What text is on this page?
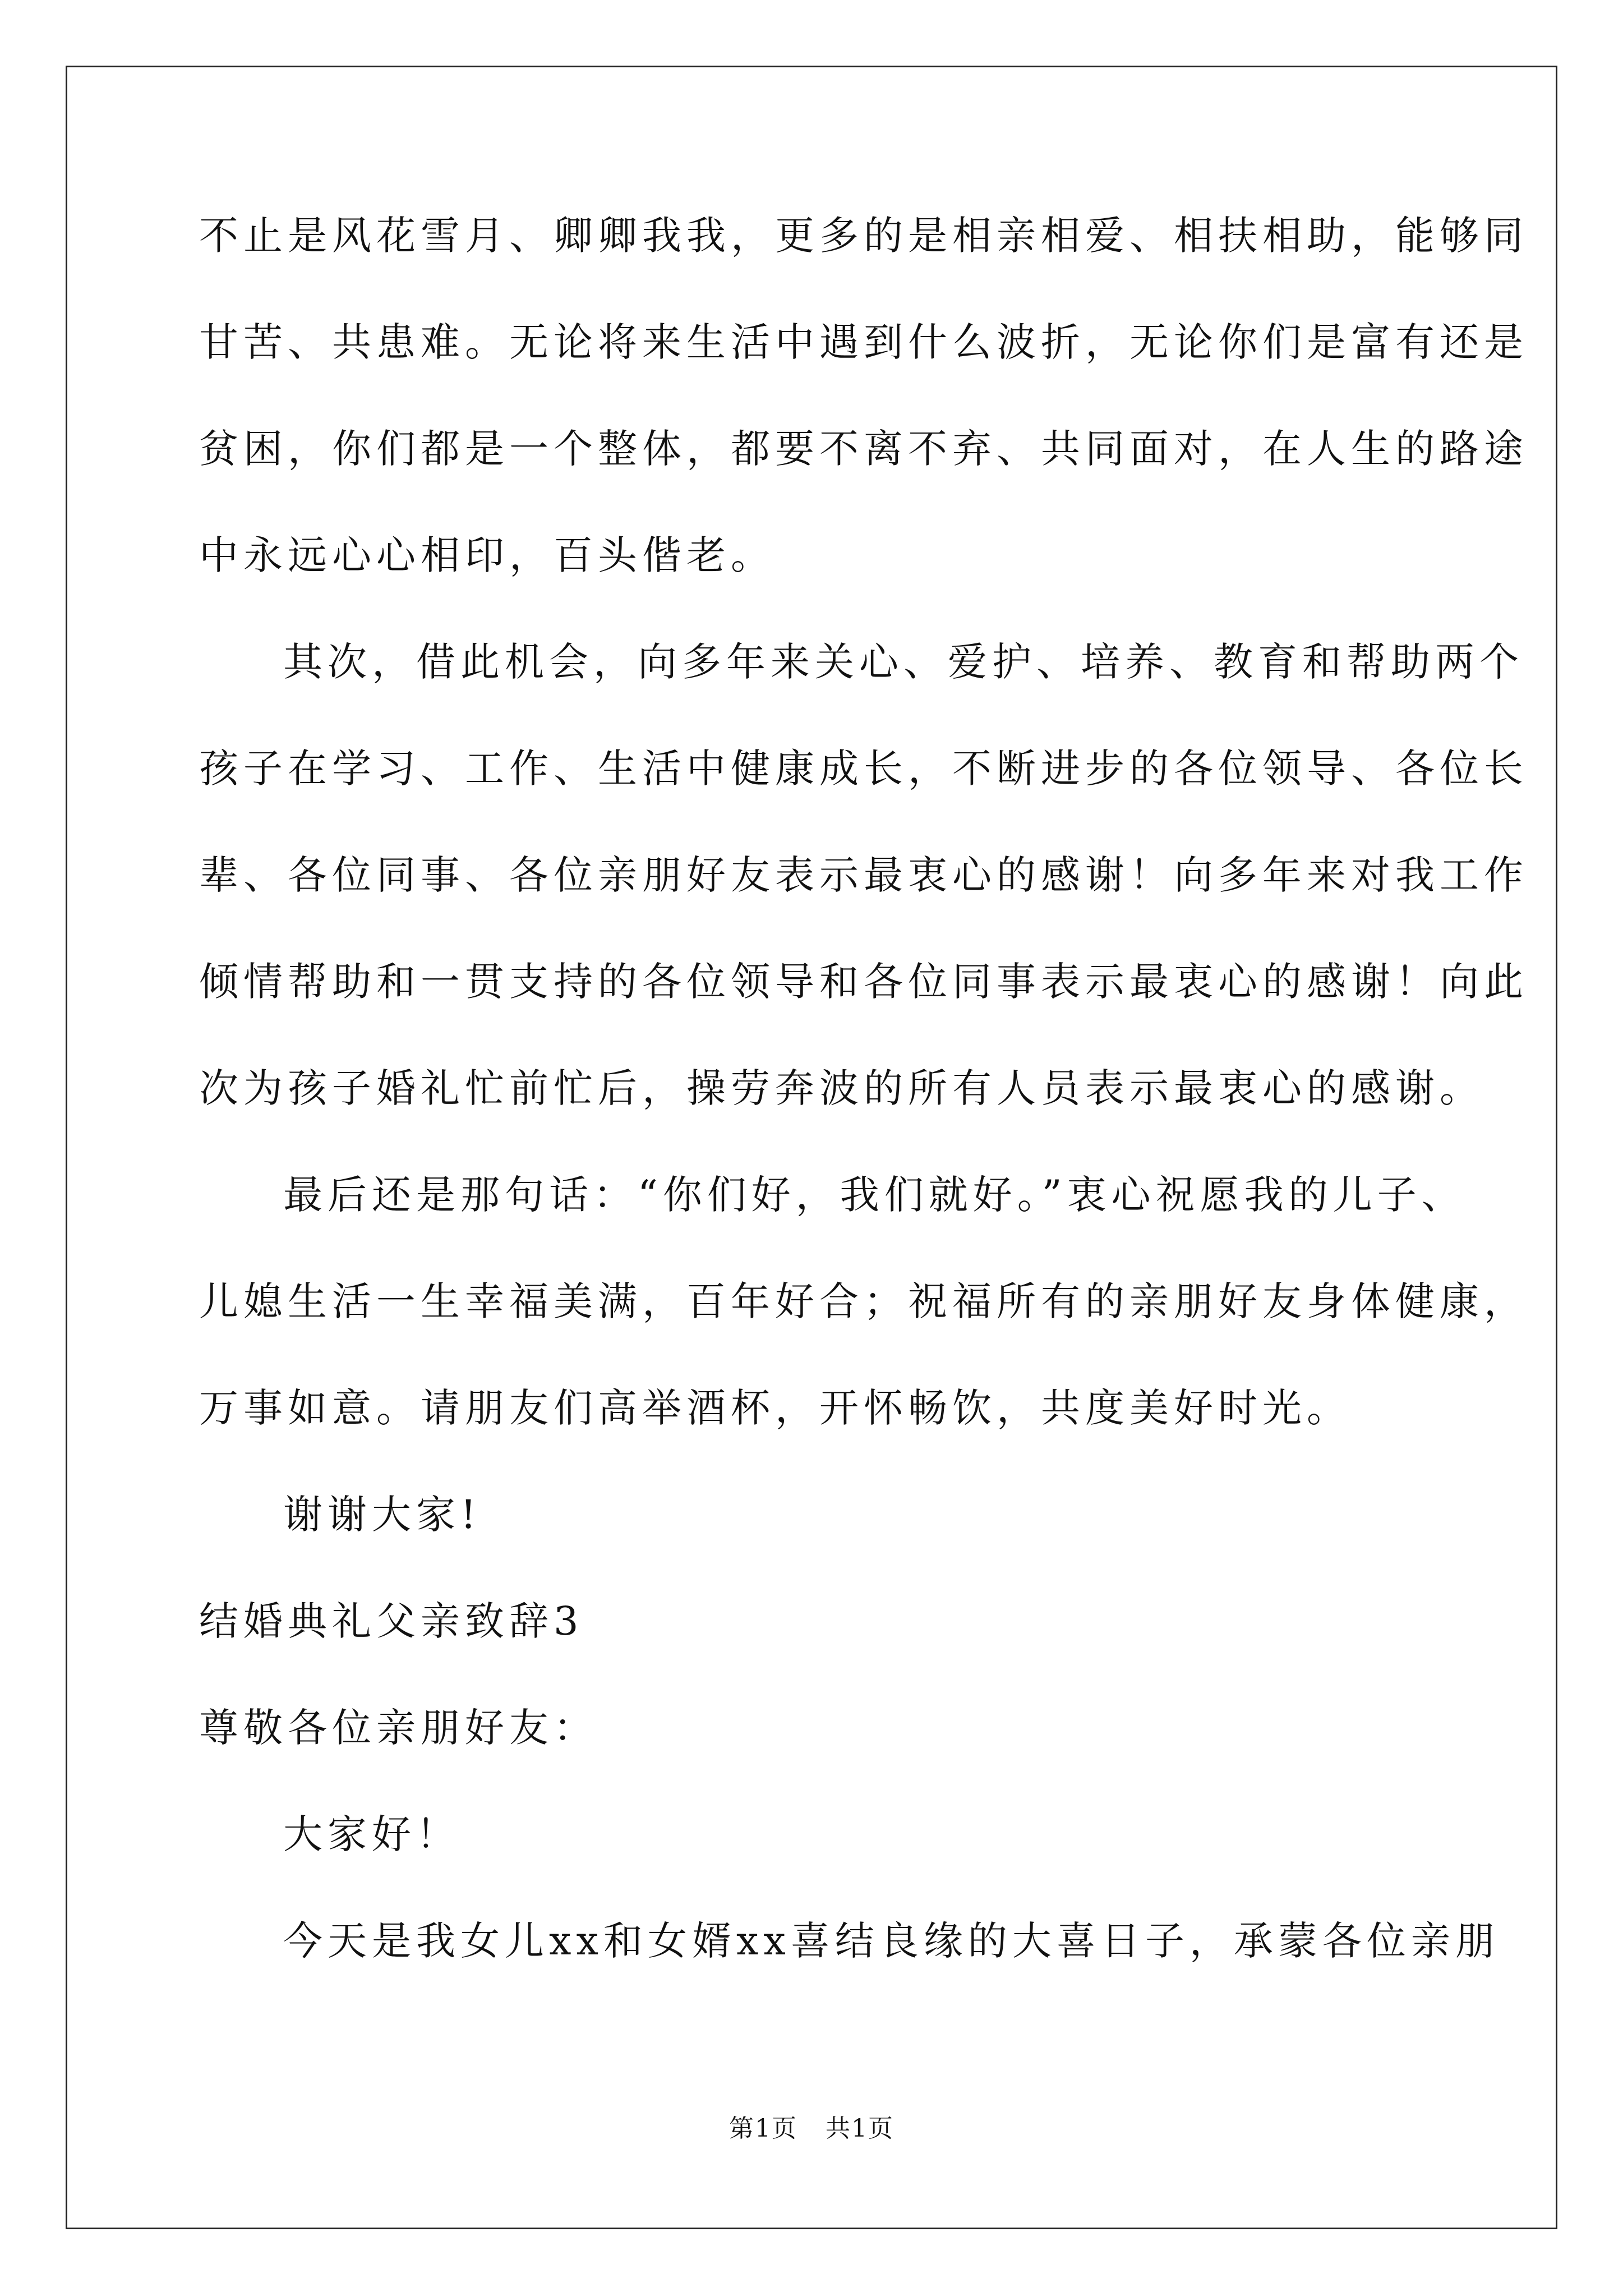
不止是风花雪月、卿卿我我，更多的是相亲相爱、相扶相助，能够同
甘苦、共患难。无论将来生活中遇到什么波折，无论你们是富有还是
贫困，你们都是一个整体，都要不离不弃、共同面对，在人生的路途
中永远心心相印，百头偕老。
其次，借此机会，向多年来关心、爱护、培养、教育和帮助两个
孩子在学习、工作、生活中健康成长，不断进步的各位领导、各位长
辈、各位同事、各位亲朋好友表示最衷心的感谢！向多年来对我工作
倾情帮助和一贯支持的各位领导和各位同事表示最衷心的感谢！向此
次为孩子婚礼忙前忙后，操劳奔波的所有人员表示最衷心的感谢。
最后还是那句话：“你们好，我们就好。”衷心祝愿我的儿子、
儿媳生活一生幸福美满，百年好合；祝福所有的亲朋好友身体健康，
万事如意。请朋友们高举酒杯，开怀畅饮，共度美好时光。
谢谢大家!
结婚典礼父亲致辞3
尊敬各位亲朋好友：
大家好！
今天是我女儿xx和女婿xx喜结良缘的大喜日子，承蒙各位亲朋
第1页 共1页
